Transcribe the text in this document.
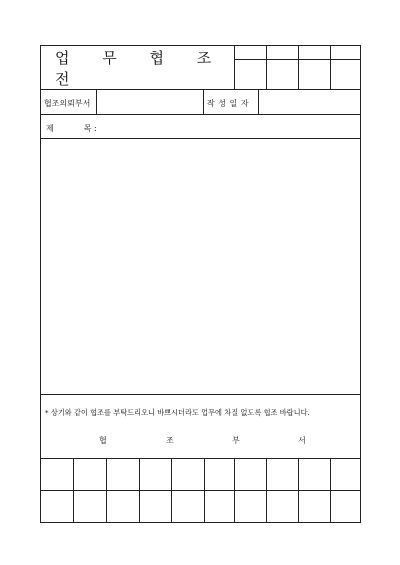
업 무 협 조 전
협조의뢰부서	작 성 일 자
제	목 :
* 상기와 같이 협조를 부탁드리오니 바쁘시더라도 업무에 차질 없도록 협조 바랍니다.
협	조	부	서
